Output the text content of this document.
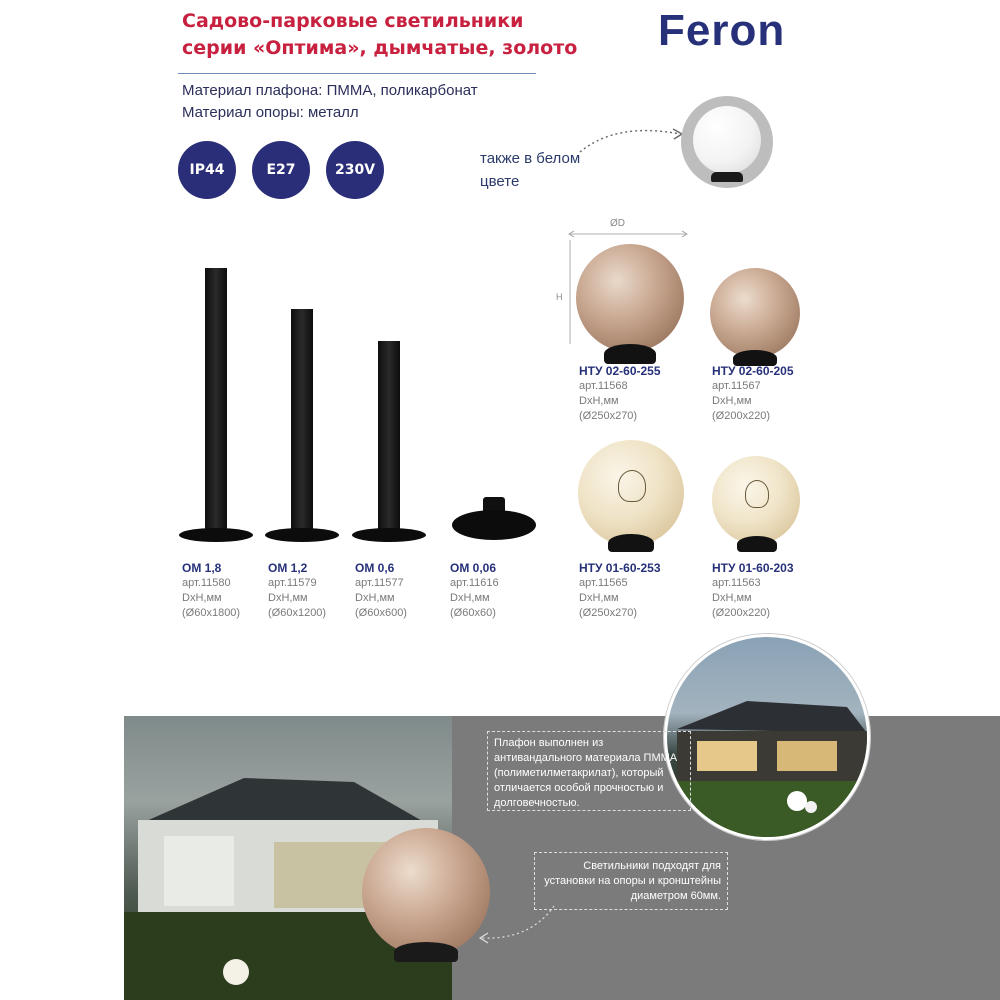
Садово-парковые светильники
серии «Оптима», дымчатые, золото Feron
Материал плафона: ПММА, поликарбонат
Материал опоры: металл
IP44	E27	230V
также в белом
цвете
ØD
H
НТУ 02-60-255
арт.11568
DxH,мм
(Ø250x270)
НТУ 02-60-205
арт.11567
DxH,мм
(Ø200x220)
НТУ 01-60-253
арт.11565
DxH,мм
(Ø250x270)
НТУ 01-60-203
арт.11563
DxH,мм
(Ø200x220)
ОМ 1,8
арт.11580
DxH,мм
(Ø60x1800)
ОМ 1,2
арт.11579
DxH,мм
(Ø60x1200)
ОМ 0,6
арт.11577
DxH,мм
(Ø60x600)
ОМ 0,06
арт.11616
DxH,мм
(Ø60x60)
Плафон выполнен из антивандального материала ПММА (полиметилметакрилат), который отличается особой прочностью и долговечностью.
Светильники подходят для установки на опоры и кронштейны диаметром 60мм.
